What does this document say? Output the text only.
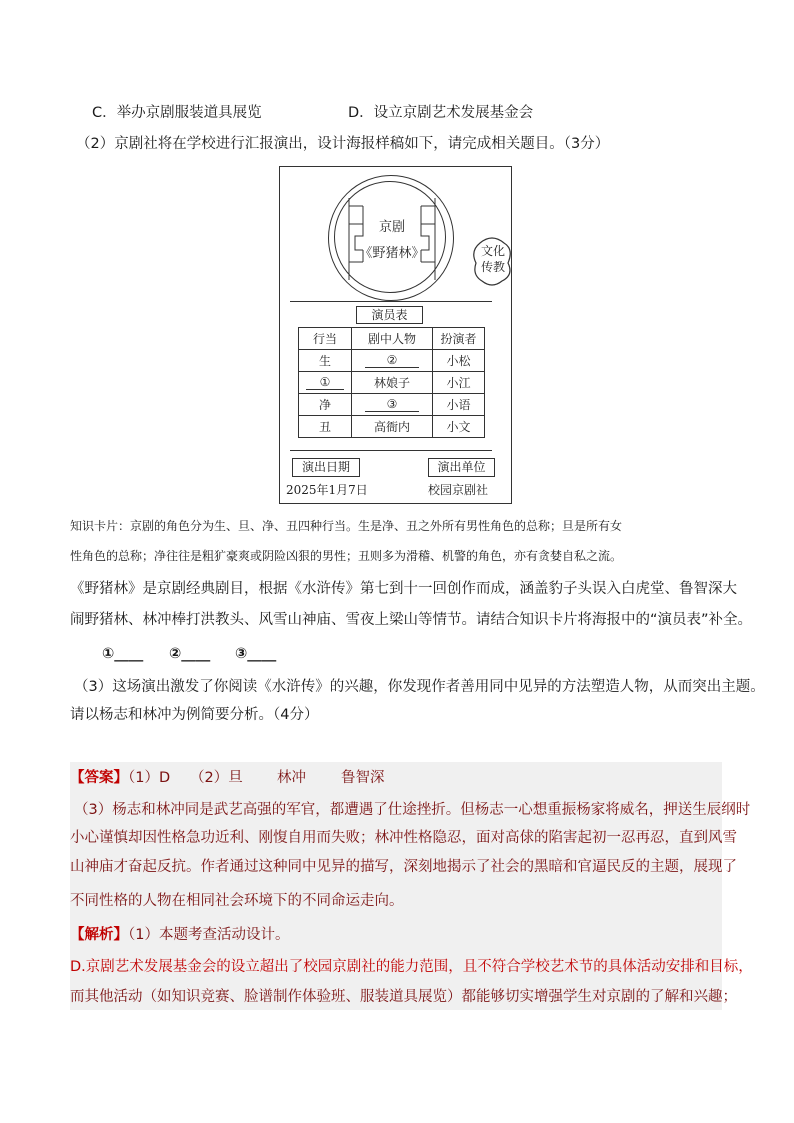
C．举办京剧服装道具展览	D．设立京剧艺术发展基金会
（2）京剧社将在学校进行汇报演出，设计海报样稿如下，请完成相关题目。（3分）
京剧
《野猪林》	文化
传教
演员表
行当	剧中人物	扮演者
生	②	小松
①	林娘子	小江
净	③	小语
丑	高衙内	小文
演出日期
2025年1月7日
演出单位
校园京剧社
知识卡片：京剧的角色分为生、旦、净、丑四种行当。生是净、丑之外所有男性角色的总称；旦是所有女
性角色的总称；净往往是粗犷豪爽或阴险凶狠的男性；丑则多为滑稽、机警的角色，亦有贪婪自私之流。
《野猪林》是京剧经典剧目，根据《水浒传》第七到十一回创作而成，涵盖豹子头误入白虎堂、鲁智深大
闹野猪林、林冲棒打洪教头、风雪山神庙、雪夜上梁山等情节。请结合知识卡片将海报中的“演员表”补全。
①____ ②____ ③____
（3）这场演出激发了你阅读《水浒传》的兴趣，你发现作者善用同中见异的方法塑造人物，从而突出主题。
请以杨志和林冲为例简要分析。（4分）
【答案】（1）D （2）旦 林冲 鲁智深
（3）杨志和林冲同是武艺高强的军官，都遭遇了仕途挫折。但杨志一心想重振杨家将威名，押送生辰纲时
小心谨慎却因性格急功近利、刚愎自用而失败；林冲性格隐忍，面对高俅的陷害起初一忍再忍，直到风雪
山神庙才奋起反抗。作者通过这种同中见异的描写，深刻地揭示了社会的黑暗和官逼民反的主题，展现了
不同性格的人物在相同社会环境下的不同命运走向。
【解析】（1）本题考查活动设计。
D.京剧艺术发展基金会的设立超出了校园京剧社的能力范围，且不符合学校艺术节的具体活动安排和目标，
而其他活动（如知识竞赛、脸谱制作体验班、服装道具展览）都能够切实增强学生对京剧的了解和兴趣；
